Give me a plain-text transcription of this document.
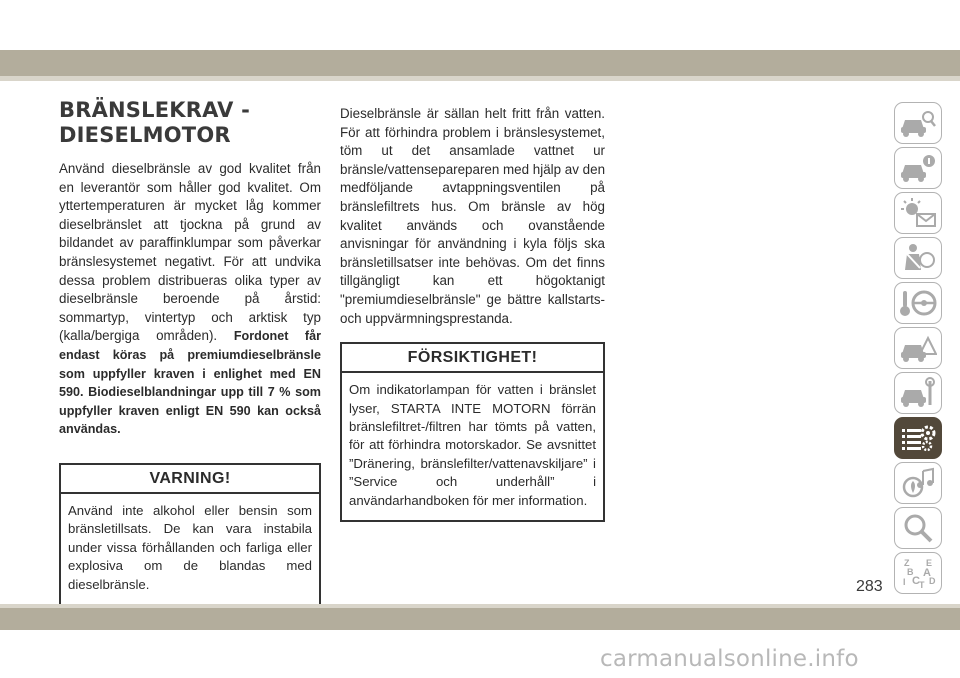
BRÄNSLEKRAV -
DIESELMOTOR

Använd dieselbränsle av god kvalitet från en leverantör som håller god kvalitet. Om yttertemperaturen är mycket låg kommer dieselbränslet att tjockna på grund av bildandet av paraffinklumpar som påverkar bränslesystemet negativt. För att undvika dessa problem distribueras olika typer av dieselbränsle beroende på årstid: sommartyp, vintertyp och arktisk typ (kalla/bergiga områden). Fordonet får endast köras på premiumdieselbränsle som uppfyller kraven i enlighet med EN 590. Biodieselblandningar upp till 7 % som uppfyller kraven enligt EN 590 kan också användas.

VARNING!
Använd inte alkohol eller bensin som bränsletillsats. De kan vara instabila under vissa förhållanden och farliga eller explosiva om de blandas med dieselbränsle.

Dieselbränsle är sällan helt fritt från vatten. För att förhindra problem i bränslesystemet, töm ut det ansamlade vattnet ur bränsle/vattenseparераren med hjälp av den medföljande avtappningsventilen på bränslefiltrets hus. Om bränsle av hög kvalitet används och ovanstående anvisningar för användning i kyla följs ska bränsletillsatser inte behövas. Om det finns tillgängligt kan ett högoktanigt "premiumdieselbränsle" ge bättre kallstarts- och uppvärmningsprestanda.

FÖRSIKTIGHET!
Om indikatorlampan för vatten i bränslet lyser, STARTA INTE MOTORN förrän bränslefiltret-/filtren har tömts på vatten, för att förhindra motorskador. Se avsnittet ”Dränering, bränslefilter/vattenavskiljare” i ”Service och underhåll” i användarhandboken för mer information.
Z E
B A
I C D
T
283
carmanualsonline.info
